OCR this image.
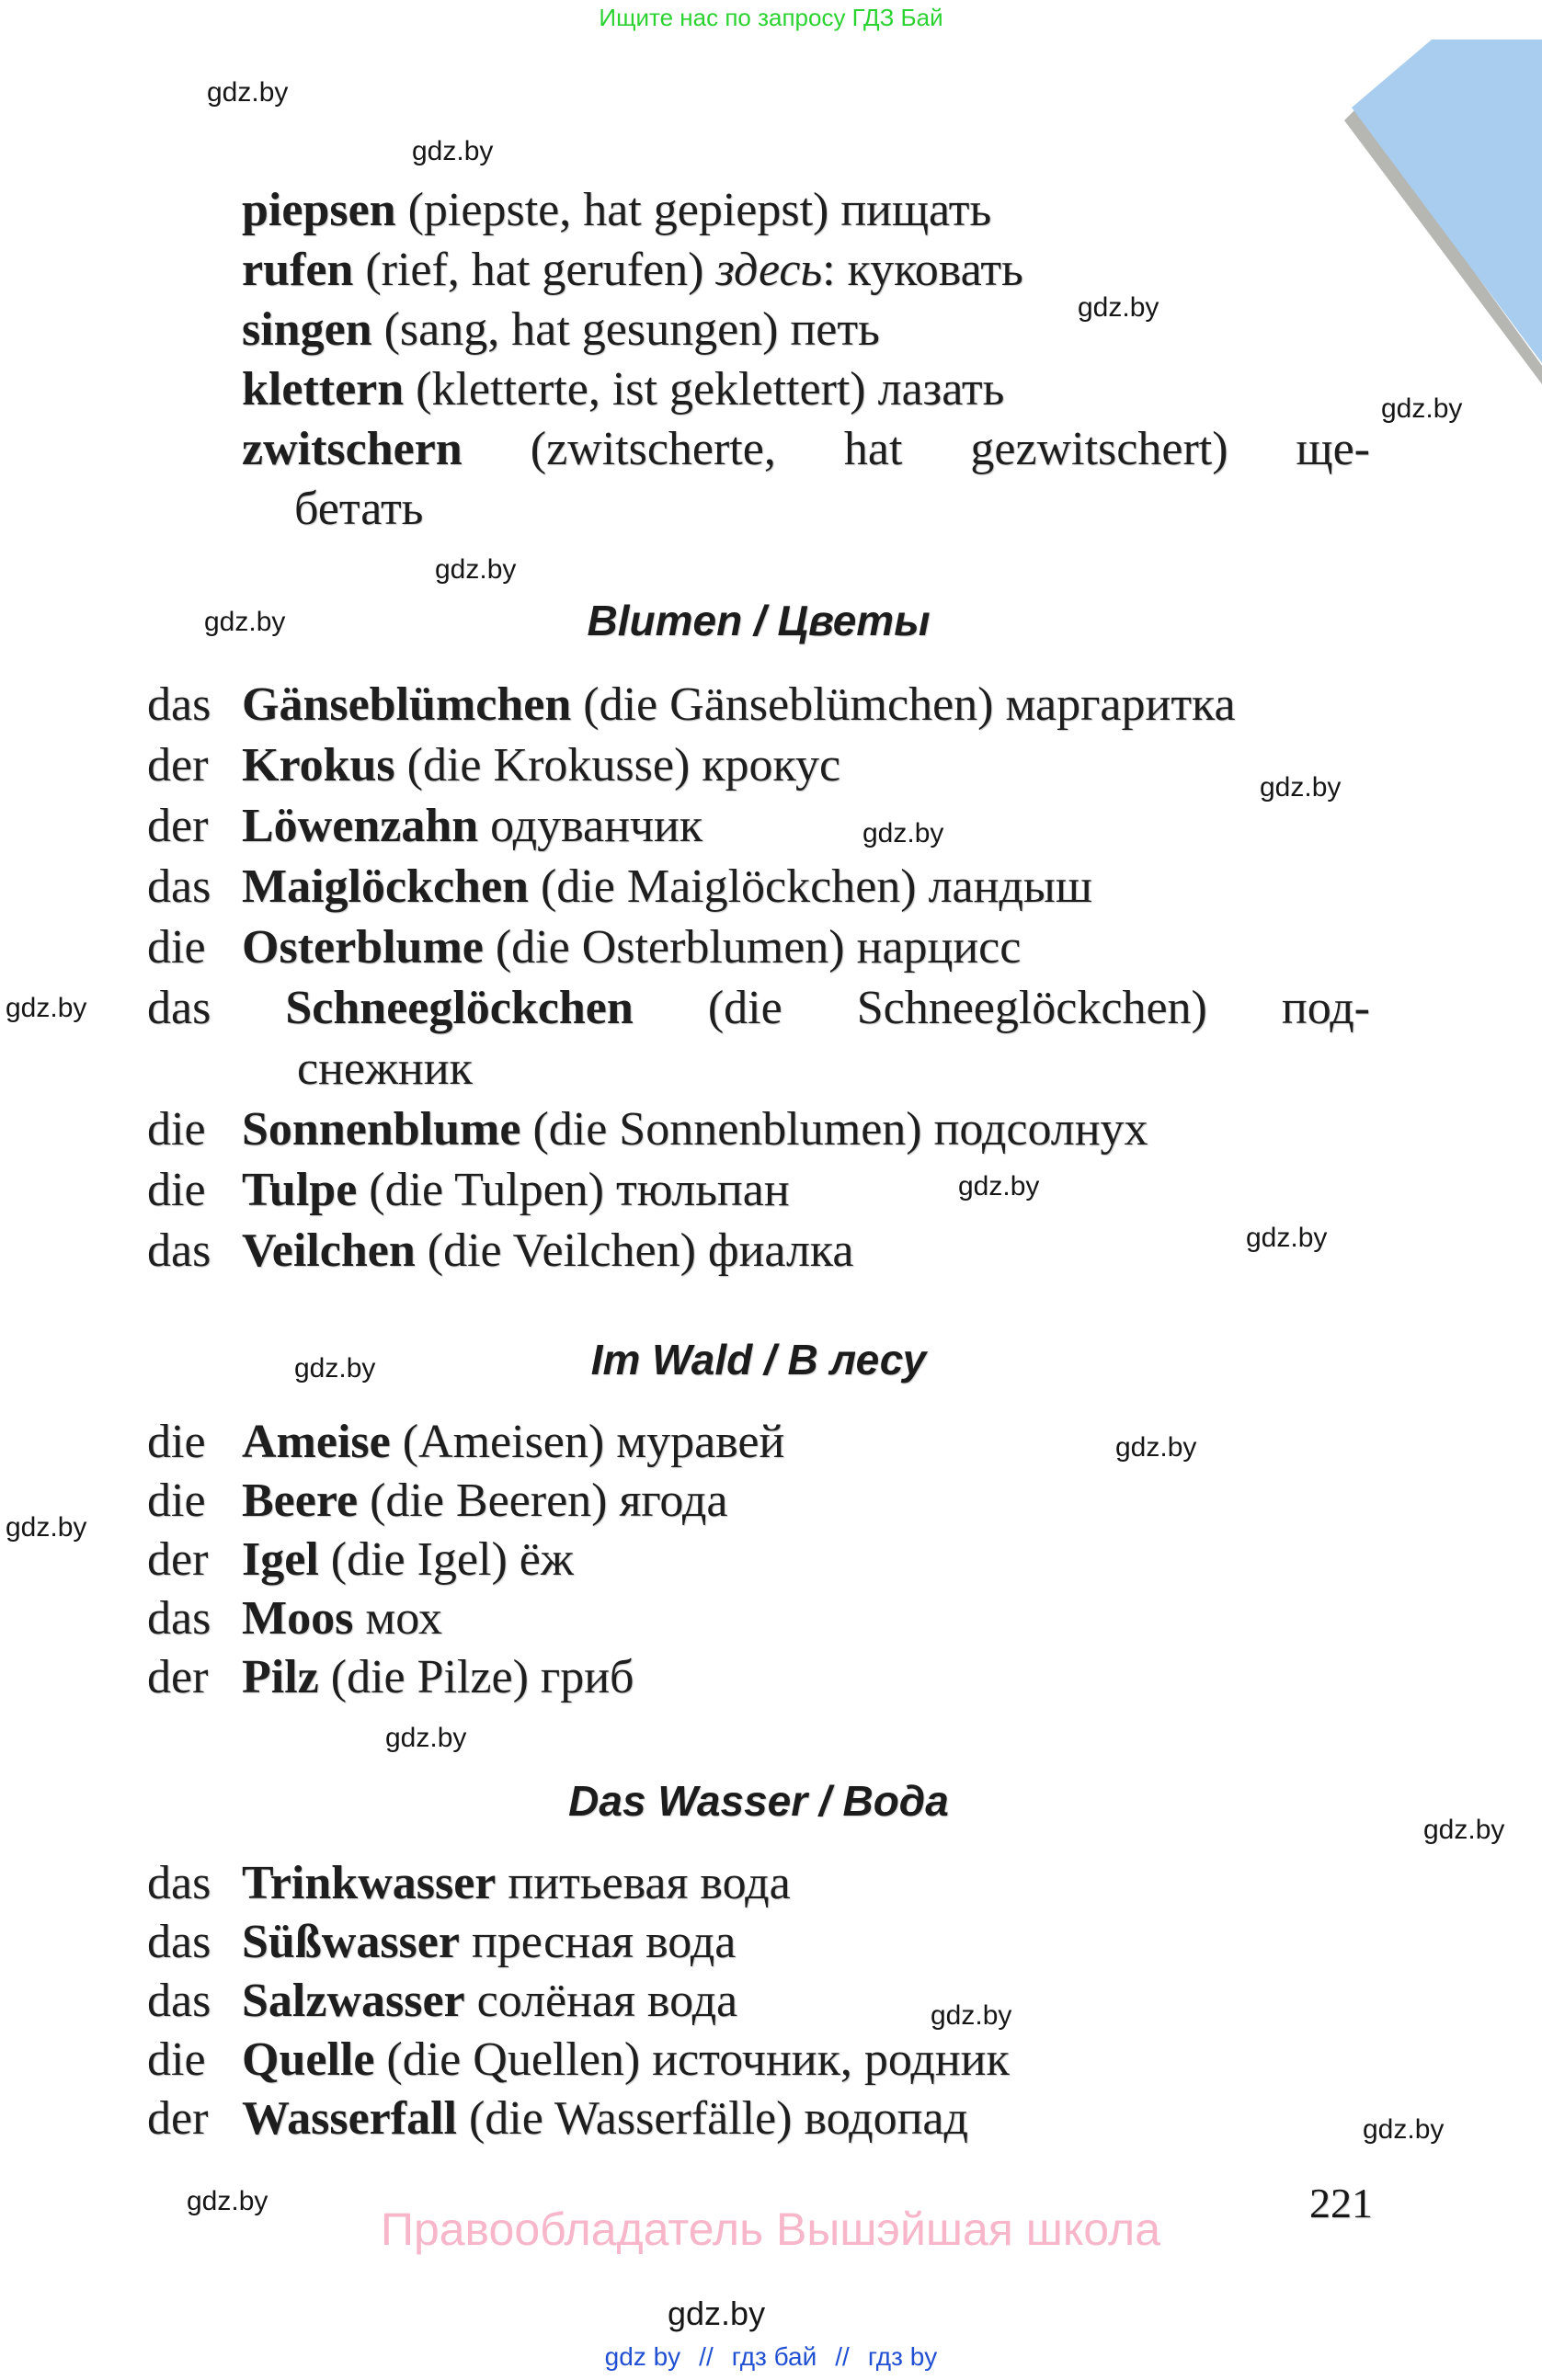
Ищите нас по запросу ГДЗ Бай
piepsen (piepste, hat gepiepst) пищать
rufen (rief, hat gerufen) здесь: куковать
singen (sang, hat gesungen) петь
klettern (kletterte, ist geklettert) лазать
zwitschern (zwitscherte, hat gezwitschert) ще-
бетать
Blumen / Цветы
das Gänseblümchen (die Gänseblümchen) маргаритка
der Krokus (die Krokusse) крокус
der Löwenzahn одуванчик
das Maiglöckchen (die Maiglöckchen) ландыш
die Osterblume (die Osterblumen) нарцисс
das Schneeglöckchen (die Schneeglöckchen) под-
снежник
die Sonnenblume (die Sonnenblumen) подсолнух
die Tulpe (die Tulpen) тюльпан
das Veilchen (die Veilchen) фиалка
Im Wald / В лесу
die Ameise (Ameisen) муравей
die Beere (die Beeren) ягода
der Igel (die Igel) ёж
das Moos мох
der Pilz (die Pilze) гриб
Das Wasser / Вода
das Trinkwasser питьевая вода
das Süßwasser пресная вода
das Salzwasser солёная вода
die Quelle (die Quellen) источник, родник
der Wasserfall (die Wasserfälle) водопад
gdz.by
gdz.by
gdz.by
gdz.by
gdz.by
gdz.by
gdz.by
gdz.by
gdz.by
gdz.by
gdz.by
gdz.by
gdz.by
gdz.by
gdz.by
gdz.by
gdz.by
gdz.by
gdz.by
gdz.by
Правообладатель Вышэйшая школа
221
gdz by // гдз бай // гдз by
